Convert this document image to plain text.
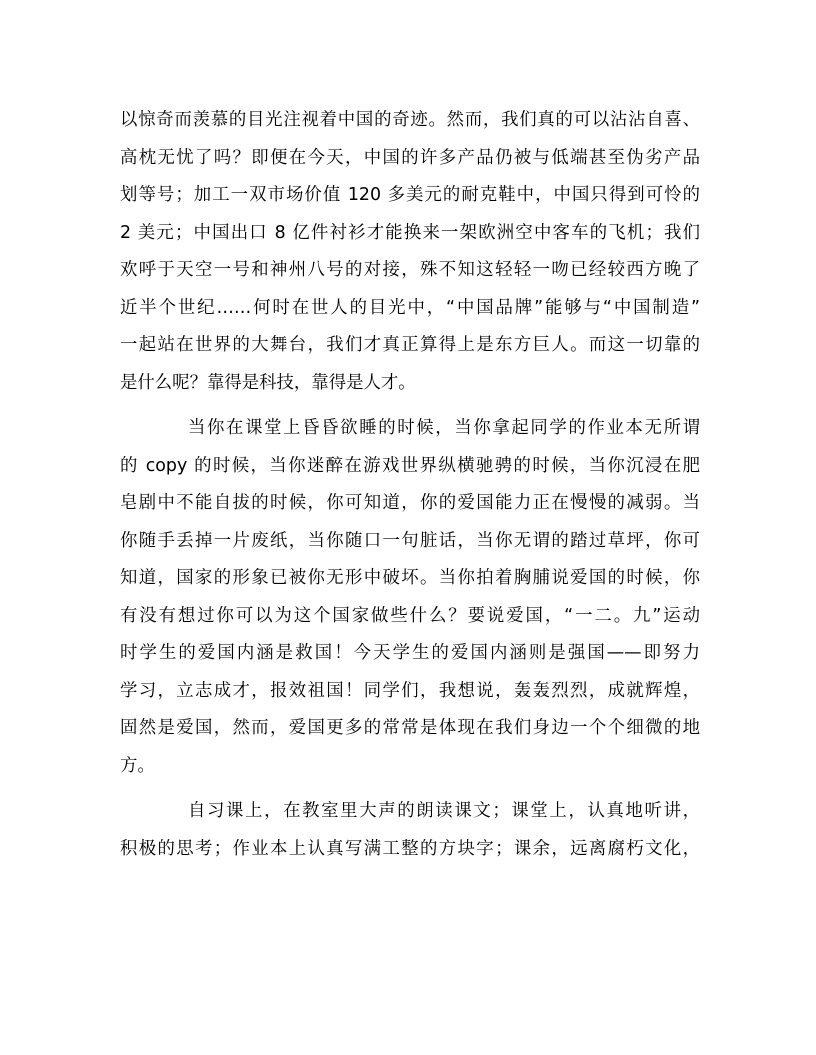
以惊奇而羡慕的目光注视着中国的奇迹。然而，我们真的可以沾沾自喜、
高枕无忧了吗？即便在今天，中国的许多产品仍被与低端甚至伪劣产品
划等号；加工一双市场价值 120 多美元的耐克鞋中，中国只得到可怜的
2 美元；中国出口 8 亿件衬衫才能换来一架欧洲空中客车的飞机；我们
欢呼于天空一号和神州八号的对接，殊不知这轻轻一吻已经较西方晚了
近半个世纪……何时在世人的目光中，“中国品牌”能够与“中国制造”
一起站在世界的大舞台，我们才真正算得上是东方巨人。而这一切靠的
是什么呢？靠得是科技，靠得是人才。
当你在课堂上昏昏欲睡的时候，当你拿起同学的作业本无所谓
的 copy 的时候，当你迷醉在游戏世界纵横驰骋的时候，当你沉浸在肥
皂剧中不能自拔的时候，你可知道，你的爱国能力正在慢慢的减弱。当
你随手丢掉一片废纸，当你随口一句脏话，当你无谓的踏过草坪，你可
知道，国家的形象已被你无形中破坏。当你拍着胸脯说爱国的时候，你
有没有想过你可以为这个国家做些什么？要说爱国，“一二。九”运动
时学生的爱国内涵是救国！今天学生的爱国内涵则是强国——即努力
学习，立志成才，报效祖国！同学们，我想说，轰轰烈烈，成就辉煌，
固然是爱国，然而，爱国更多的常常是体现在我们身边一个个细微的地
方。
自习课上，在教室里大声的朗读课文；课堂上，认真地听讲，
积极的思考；作业本上认真写满工整的方块字；课余，远离腐朽文化，
